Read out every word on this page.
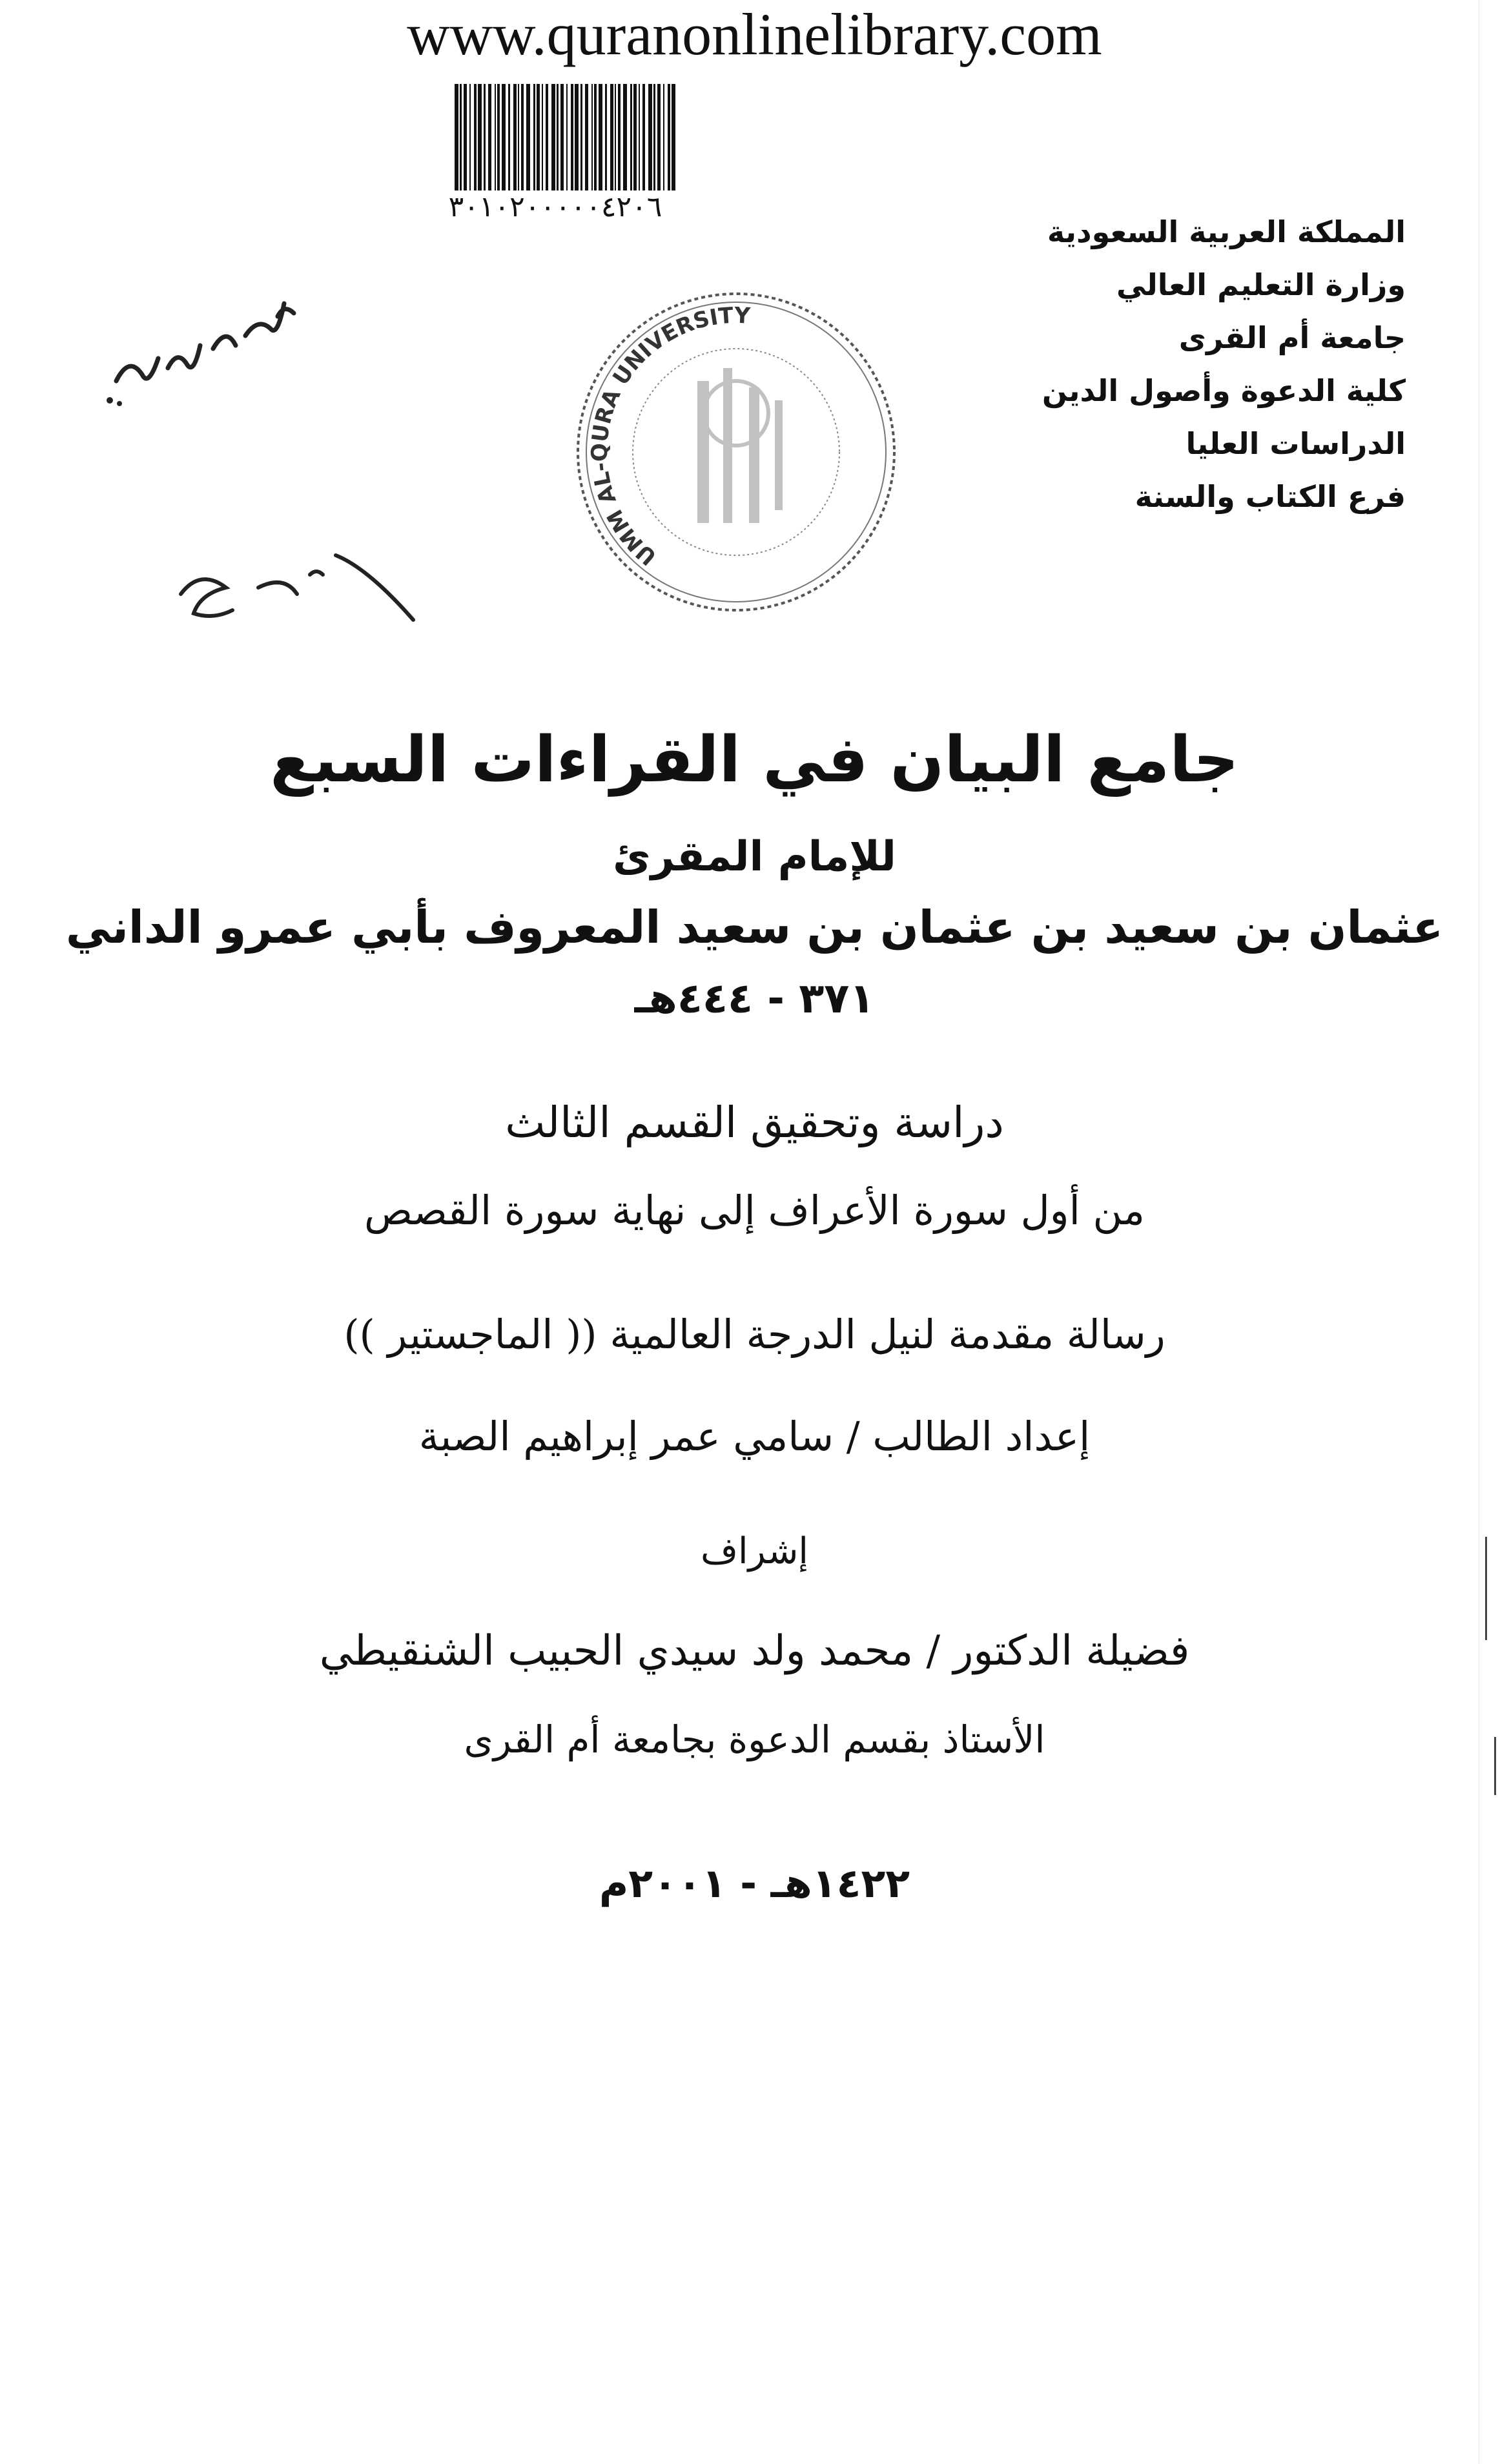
www.quranonlinelibrary.com
٣٠١٠٢٠٠٠٠٠٤٢٠٦
المملكة العربية السعودية
وزارة التعليم العالي
جامعة أم القرى
كلية الدعوة وأصول الدين
الدراسات العليا
فرع الكتاب والسنة
UMM AL-QURA UNIVERSITY
جامع البيان في القراءات السبع
للإمام المقرئ
عثمان بن سعيد بن عثمان بن سعيد المعروف بأبي عمرو الداني
٣٧١ - ٤٤٤هـ
دراسة وتحقيق القسم الثالث
من أول سورة الأعراف إلى نهاية سورة القصص
رسالة مقدمة لنيل الدرجة العالمية (( الماجستير ))
إعداد الطالب / سامي عمر إبراهيم الصبة
إشراف
فضيلة الدكتور / محمد ولد سيدي الحبيب الشنقيطي
الأستاذ بقسم الدعوة بجامعة أم القرى
١٤٢٢هـ - ٢٠٠١م
